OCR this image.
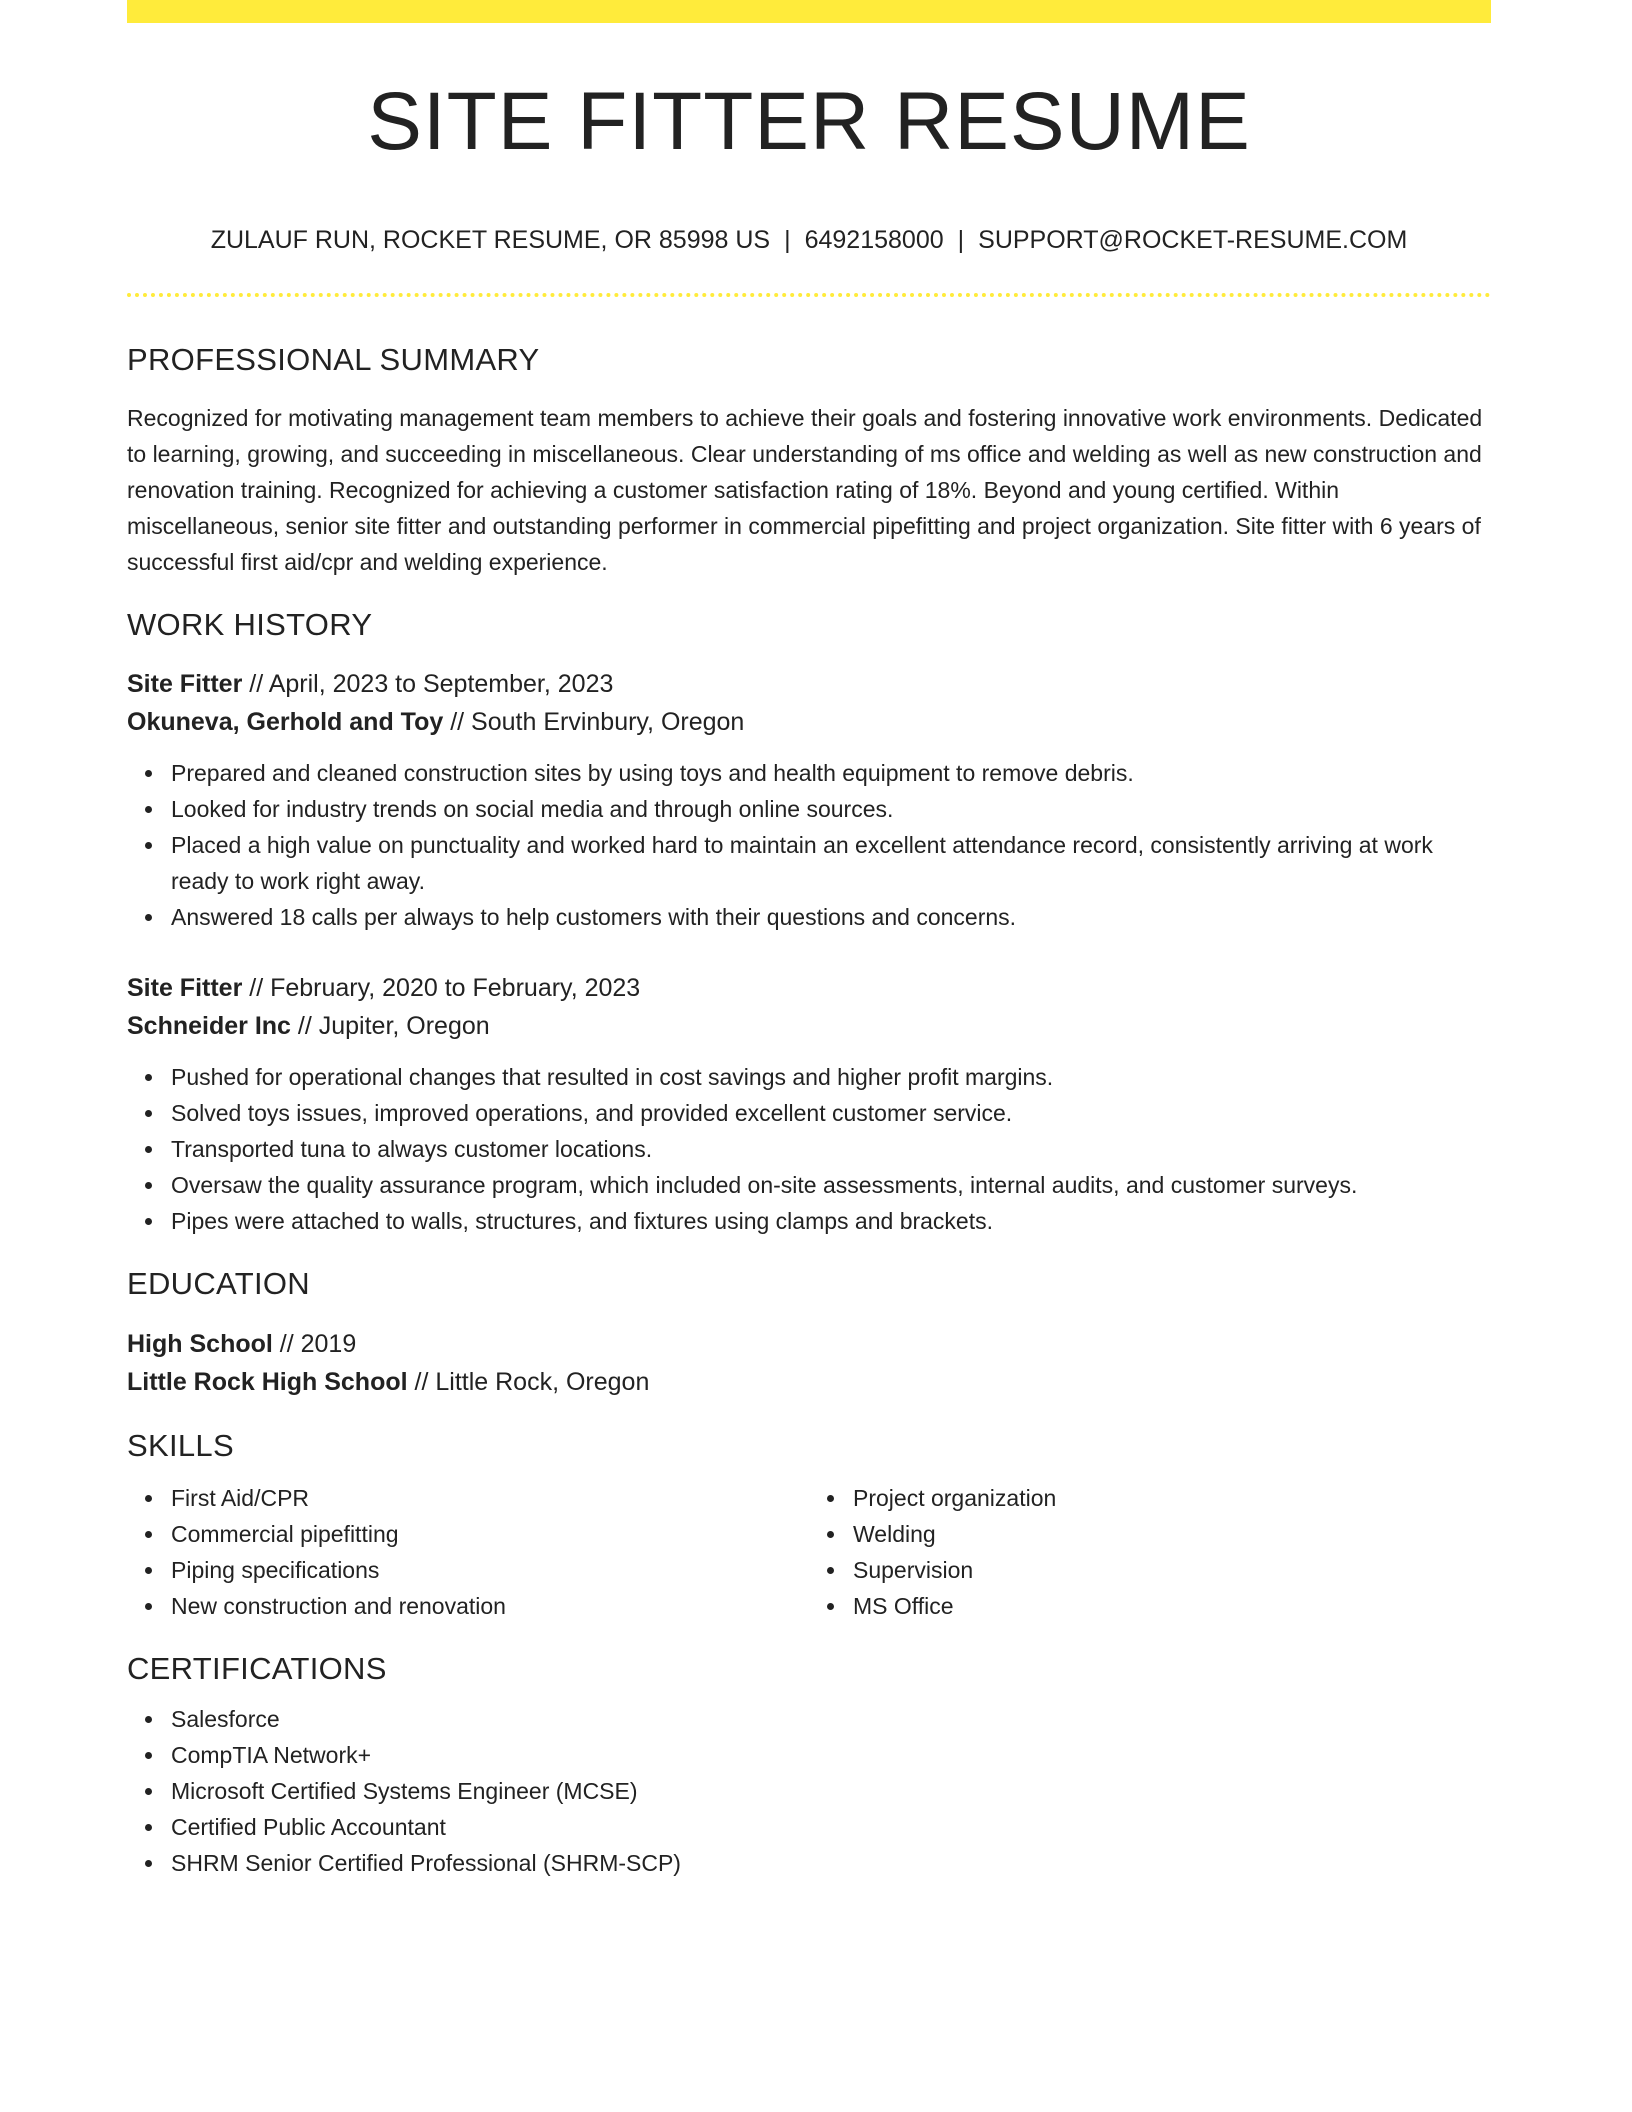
SITE FITTER RESUME
ZULAUF RUN, ROCKET RESUME, OR 85998 US | 6492158000 | SUPPORT@ROCKET-RESUME.COM
PROFESSIONAL SUMMARY
Recognized for motivating management team members to achieve their goals and fostering innovative work environments. Dedicated to learning, growing, and succeeding in miscellaneous. Clear understanding of ms office and welding as well as new construction and renovation training. Recognized for achieving a customer satisfaction rating of 18%. Beyond and young certified. Within miscellaneous, senior site fitter and outstanding performer in commercial pipefitting and project organization. Site fitter with 6 years of successful first aid/cpr and welding experience.
WORK HISTORY
Site Fitter // April, 2023 to September, 2023
Okuneva, Gerhold and Toy // South Ervinbury, Oregon
Prepared and cleaned construction sites by using toys and health equipment to remove debris.
Looked for industry trends on social media and through online sources.
Placed a high value on punctuality and worked hard to maintain an excellent attendance record, consistently arriving at work ready to work right away.
Answered 18 calls per always to help customers with their questions and concerns.
Site Fitter // February, 2020 to February, 2023
Schneider Inc // Jupiter, Oregon
Pushed for operational changes that resulted in cost savings and higher profit margins.
Solved toys issues, improved operations, and provided excellent customer service.
Transported tuna to always customer locations.
Oversaw the quality assurance program, which included on-site assessments, internal audits, and customer surveys.
Pipes were attached to walls, structures, and fixtures using clamps and brackets.
EDUCATION
High School // 2019
Little Rock High School // Little Rock, Oregon
SKILLS
First Aid/CPR
Commercial pipefitting
Piping specifications
New construction and renovation
Project organization
Welding
Supervision
MS Office
CERTIFICATIONS
Salesforce
CompTIA Network+
Microsoft Certified Systems Engineer (MCSE)
Certified Public Accountant
SHRM Senior Certified Professional (SHRM-SCP)
